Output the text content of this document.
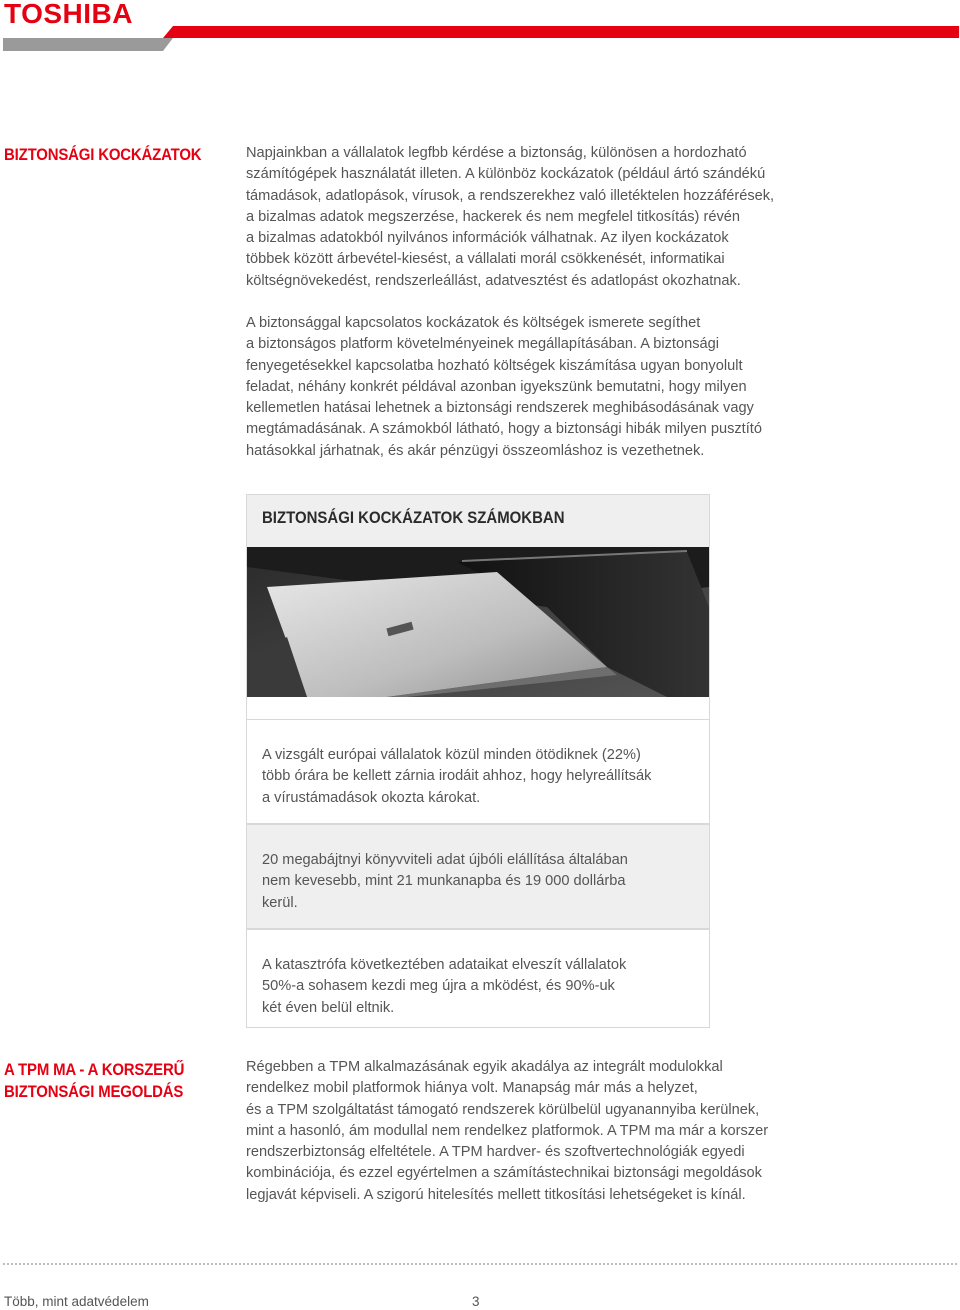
TOSHIBA
BIZTONSÁGI KOCKÁZATOK	Napjainkban a vállalatok legfbb kérdése a biztonság, különösen a hordozható

számítógépek használatát illeten. A különböz kockázatok (például ártó szándékú

támadások, adatlopások, vírusok, a rendszerekhez való illetéktelen hozzáférések,

a bizalmas adatok megszerzése, hackerek és nem megfelel titkosítás) révén

a bizalmas adatokból nyilvános információk válhatnak. Az ilyen kockázatok

többek között árbevétel-kiesést, a vállalati morál csökkenését, informatikai

költségnövekedést, rendszerleállást, adatvesztést és adatlopást okozhatnak.

A biztonsággal kapcsolatos kockázatok és költségek ismerete segíthet

a biztonságos platform követelményeinek megállapításában. A biztonsági

fenyegetésekkel kapcsolatba hozható költségek kiszámítása ugyan bonyolult

feladat, néhány konkrét példával azonban igyekszünk bemutatni, hogy milyen

kellemetlen hatásai lehetnek a biztonsági rendszerek meghibásodásának vagy

megtámadásának. A számokból látható, hogy a biztonsági hibák milyen pusztító

hatásokkal járhatnak, és akár pénzügyi összeomláshoz is vezethetnek.

BIZTONSÁGI KOCKÁZATOK SZÁMOKBAN

A vizsgált európai vállalatok közül minden ötödiknek (22%)

több órára be kellett zárnia irodáit ahhoz, hogy helyreállítsák

a vírustámadások okozta károkat.

20 megabájtnyi könyvviteli adat újbóli elállítása általában

nem kevesebb, mint 21 munkanapba és 19 000 dollárba

kerül.

A katasztrófa következtében adataikat elveszít vállalatok

50%-a sohasem kezdi meg újra a mködést, és 90%-uk

két éven belül eltnik.

A TPM MA - A KORSZERŰ
BIZTONSÁGI MEGOLDÁS

Régebben a TPM alkalmazásának egyik akadálya az integrált modulokkal

rendelkez mobil platformok hiánya volt. Manapság már más a helyzet,

és a TPM szolgáltatást támogató rendszerek körülbelül ugyanannyiba kerülnek,

mint a hasonló, ám modullal nem rendelkez platformok. A TPM ma már a korszer

rendszerbiztonság elfeltétele. A TPM hardver- és szoftvertechnológiák egyedi

kombinációja, és ezzel egyértelmen a számítástechnikai biztonsági megoldások

legjavát képviseli. A szigorú hitelesítés mellett titkosítási lehetségeket is kínál.

Több, mint adatvédelem	3
